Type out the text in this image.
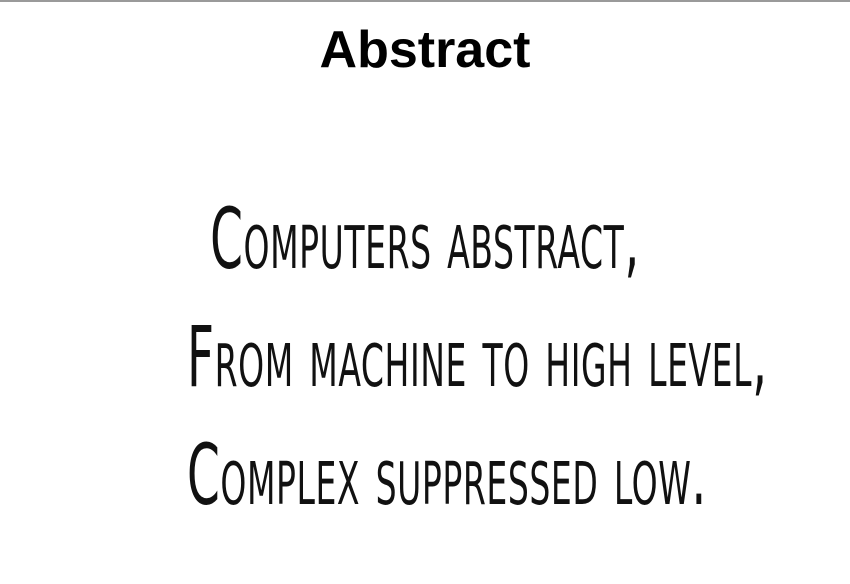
Abstract
Computers abstract,
From machine to high level,
Complex suppressed low.
